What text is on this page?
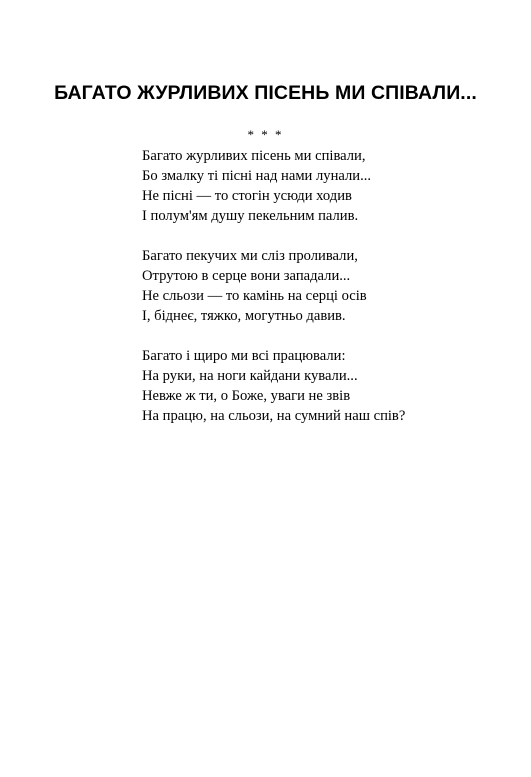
БАГАТО ЖУРЛИВИХ ПІСЕНЬ МИ СПІВАЛИ...
* * *
Багато журливих пісень ми співали,
Бо змалку ті пісні над нами лунали...
Не пісні — то стогін усюди ходив
І полум'ям душу пекельним палив.
Багато пекучих ми сліз проливали,
Отрутою в серце вони западали...
Не сльози — то камінь на серці осів
І, біднеє, тяжко, могутньо давив.
Багато і щиро ми всі працювали:
На руки, на ноги кайдани кували...
Невже ж ти, о Боже, уваги не звів
На працю, на сльози, на сумний наш спів?
